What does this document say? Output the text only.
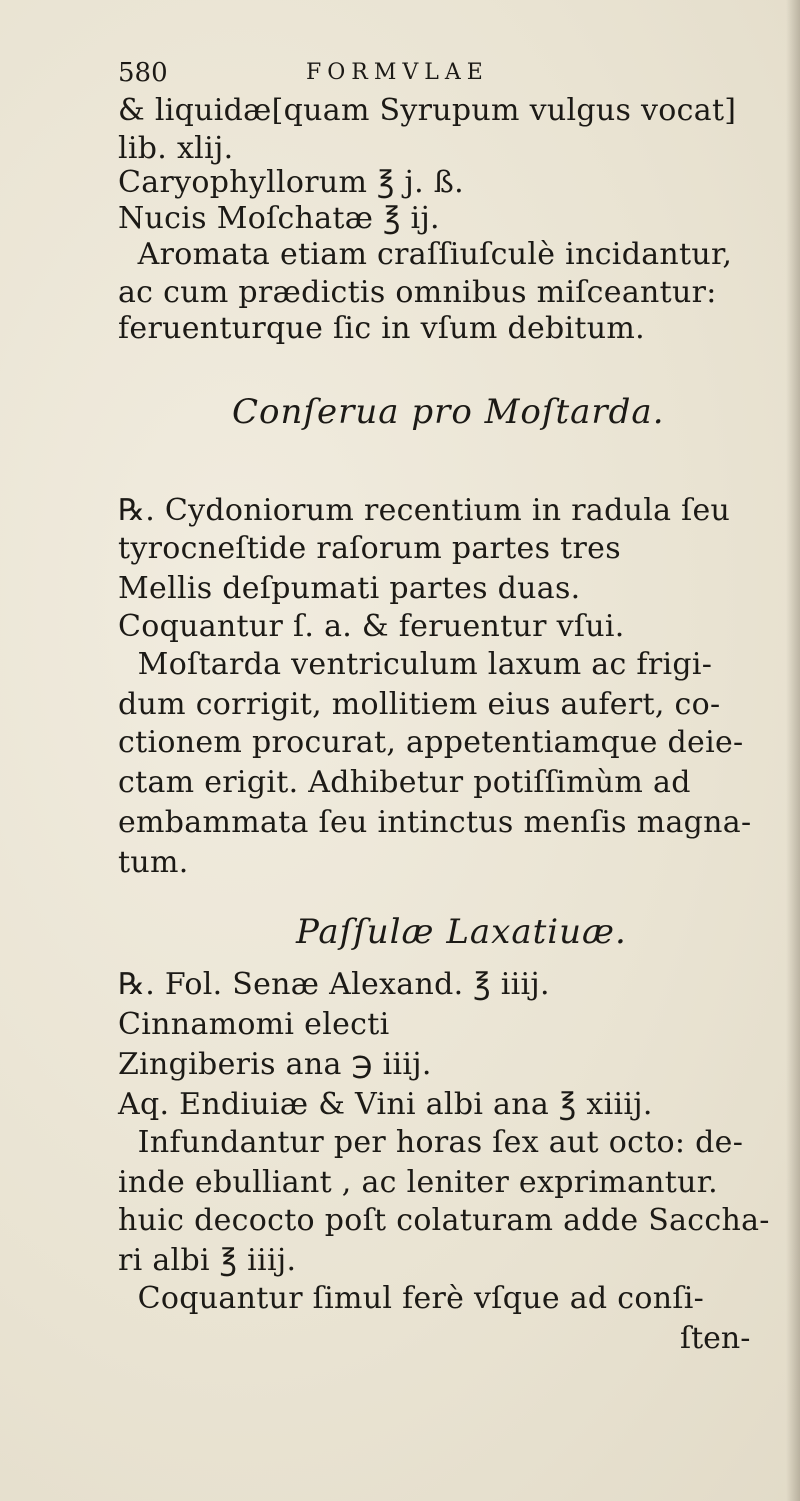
580	FORMVLAE
& liquidæ[quam Syrupum vulgus vocat]
lib. xlij.
Caryophyllorum ℥ j. ß.
Nucis Moſchatæ ℥ ij.
Aromata etiam craſſiuſculè incidantur,
ac cum prædictis omnibus miſceantur:
feruenturque ſic in vſum debitum.
Conſerua pro Moſtarda.
℞. Cydoniorum recentium in radula ſeu
tyrocneſtide raſorum partes tres
Mellis deſpumati partes duas.
Coquantur ſ. a. & feruentur vſui.
Moſtarda ventriculum laxum ac frigi-
dum corrigit, mollitiem eius aufert, co-
ctionem procurat, appetentiamque deie-
ctam erigit. Adhibetur potiſſimùm ad
embammata ſeu intinctus menſis magna-
tum.
Paſſulæ Laxatiuæ.
℞. Fol. Senæ Alexand. ℥ iiij.
Cinnamomi electi
Zingiberis ana ℈ iiij.
Aq. Endiuiæ & Vini albi ana ℥ xiiij.
Infundantur per horas ſex aut octo: de-
inde ebulliant , ac leniter exprimantur.
huic decocto poſt colaturam adde Saccha-
ri albi ℥ iiij.
Coquantur ſimul ferè vſque ad conſi-
ſten-
